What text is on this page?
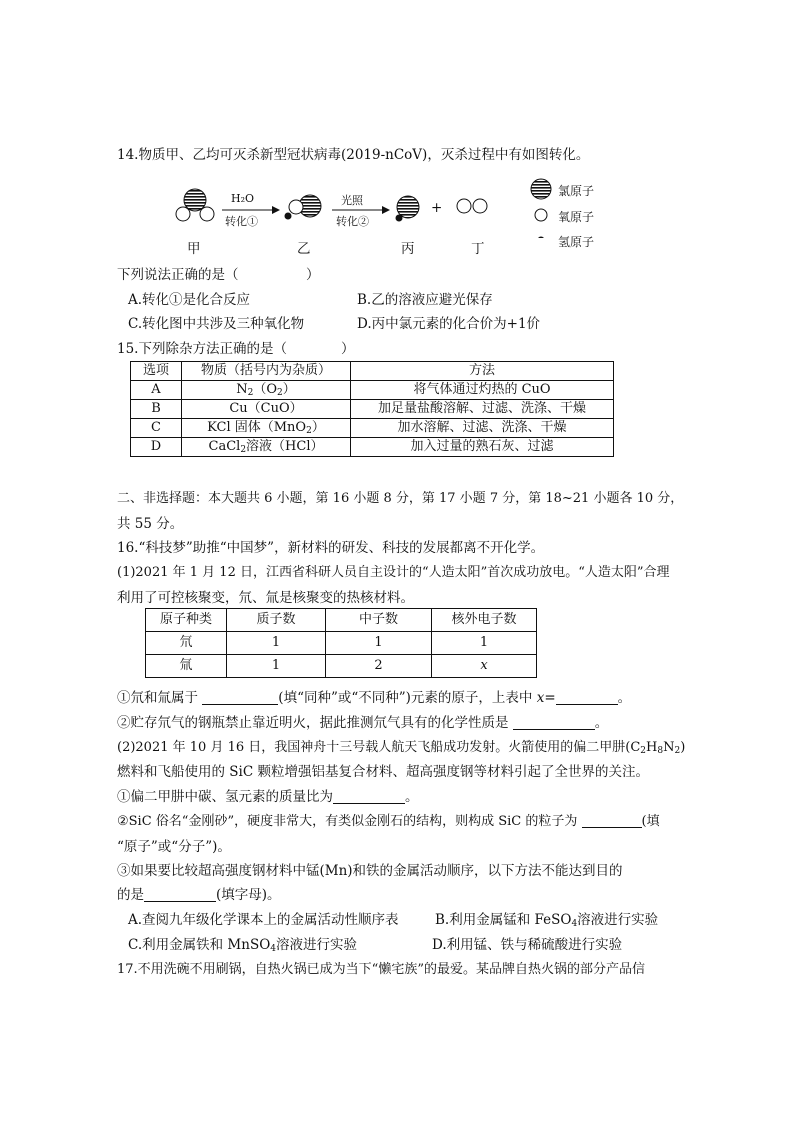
14.物质甲、乙均可灭杀新型冠状病毒(2019-nCoV)，灭杀过程中有如图转化。
H₂O
转化①
光照
转化②
+
氯原子
氧原子
氢原子
甲	乙	丙	丁
下列说法正确的是（　　　　　）
A.转化①是化合反应	B.乙的溶液应避光保存
C.转化图中共涉及三种氧化物	D.丙中氯元素的化合价为+1价
15.下列除杂方法正确的是（　　　　）
选项	物质（括号内为杂质）	方法
A	$N_2(O_2)$	将气体通过灼热的 CuO
B	Cu（CuO）	加足量盐酸溶解、过滤、洗涤、干燥
C	KCl 固体（MnO$_2$）	加水溶解、过滤、洗涤、干燥
D	CaCl$_2$溶液（HCl）	加入过量的熟石灰、过滤
二、非选择题：本大题共 6 小题，第 16 小题 8 分，第 17 小题 7 分，第 18~21 小题各 10 分，
共 55 分。
16.“科技梦”助推“中国梦”，新材料的研发、科技的发展都离不开化学。
(1)2021 年 1 月 12 日，江西省科研人员自主设计的“人造太阳”首次成功放电。“人造太阳”合理
利用了可控核聚变，氘、氚是核聚变的热核材料。
原子种类	质子数	中子数	核外电子数
氘	1	1	1
氚	1	2	x
①氘和氚属于	(填“同种”或“不同种”)元素的原子，上表中 x=	。
②贮存氘气的钢瓶禁止靠近明火，据此推测氘气具有的化学性质是	。
(2)2021 年 10 月 16 日，我国神舟十三号载人航天飞船成功发射。火箭使用的偏二甲肼$(C_2H_8N_2)$
燃料和飞船使用的 SiC 颗粒增强铝基复合材料、超高强度钢等材料引起了全世界的关注。
①偏二甲肼中碳、氢元素的质量比为	。
②SiC 俗名“金刚砂”，硬度非常大，有类似金刚石的结构，则构成 SiC 的粒子为	(填
“原子”或“分子”)。
③如果要比较超高强度钢材料中锰(Mn)和铁的金属活动顺序，以下方法不能达到目的
的是	(填字母)。
A.查阅九年级化学课本上的金属活动性顺序表	B.利用金属锰和 FeSO$_4$溶液进行实验
C.利用金属铁和 MnSO$_4$溶液进行实验	D.利用锰、铁与稀硫酸进行实验
17.不用洗碗不用刷锅，自热火锅已成为当下“懒宅族”的最爱。某品牌自热火锅的部分产品信
